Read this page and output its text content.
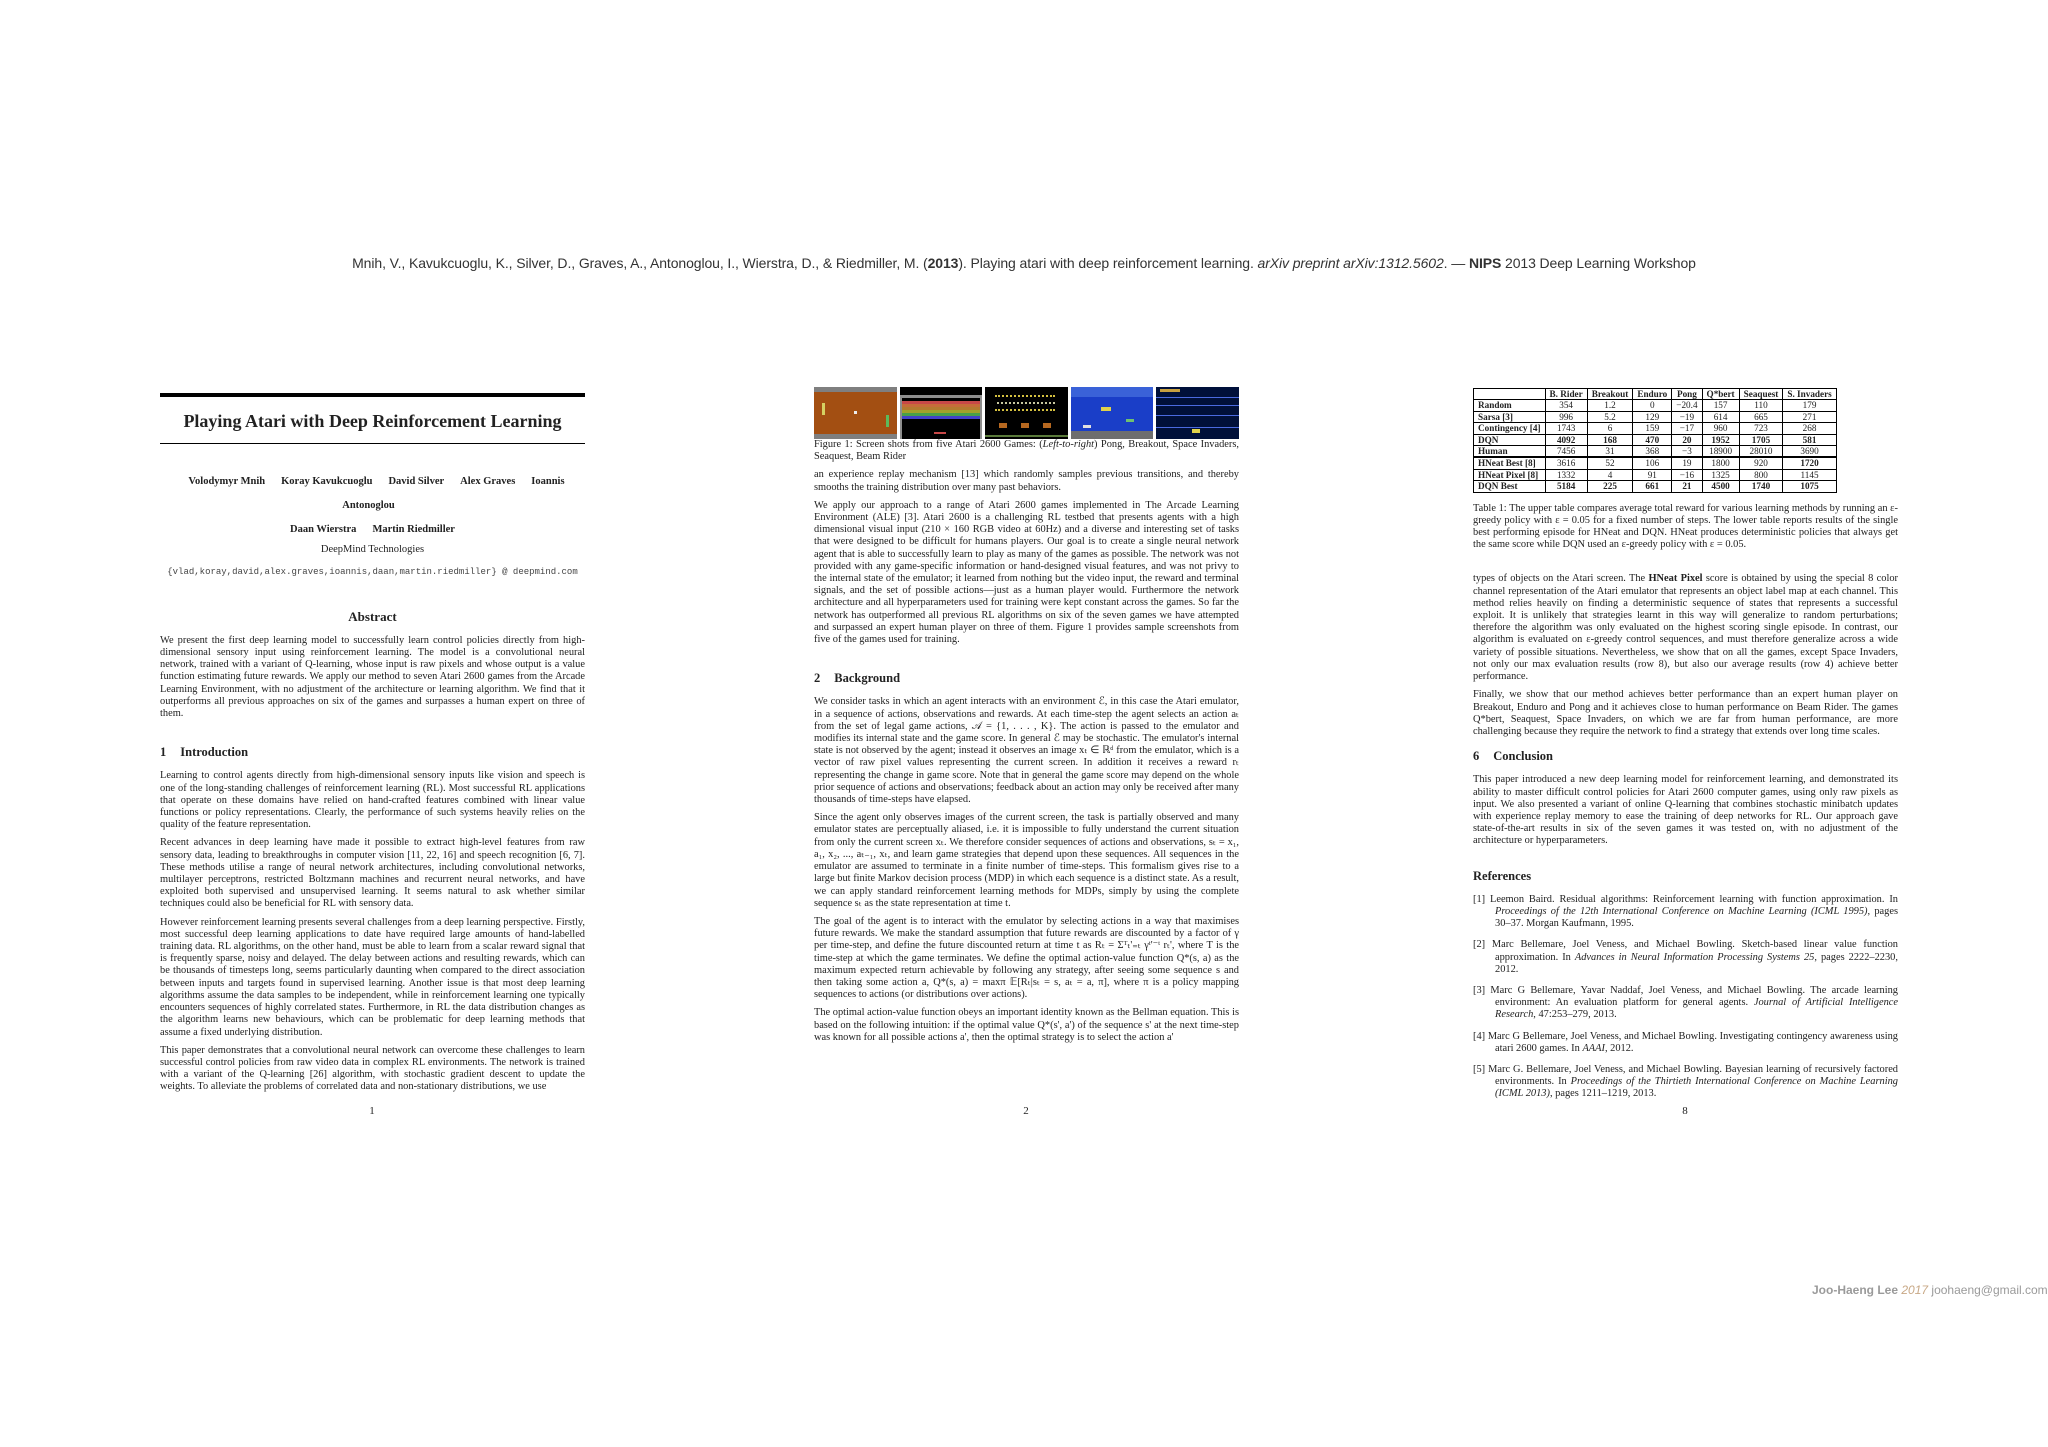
Mnih, V., Kavukcuoglu, K., Silver, D., Graves, A., Antonoglou, I., Wierstra, D., & Riedmiller, M. (2013). Playing atari with deep reinforcement learning. arXiv preprint arXiv:1312.5602. — NIPS 2013 Deep Learning Workshop
Playing Atari with Deep Reinforcement Learning
Volodymyr Mnih Koray Kavukcuoglu David Silver Alex Graves Ioannis Antonoglou
Daan Wierstra Martin Riedmiller
DeepMind Technologies
{vlad,koray,david,alex.graves,ioannis,daan,martin.riedmiller} @ deepmind.com
Abstract

We present the first deep learning model to successfully learn control policies directly from high-dimensional sensory input using reinforcement learning. The model is a convolutional neural network, trained with a variant of Q-learning, whose input is raw pixels and whose output is a value function estimating future rewards. We apply our method to seven Atari 2600 games from the Arcade Learning Environment, with no adjustment of the architecture or learning algorithm. We find that it outperforms all previous approaches on six of the games and surpasses a human expert on three of them.

1 Introduction

Learning to control agents directly from high-dimensional sensory inputs like vision and speech is one of the long-standing challenges of reinforcement learning (RL). Most successful RL applications that operate on these domains have relied on hand-crafted features combined with linear value functions or policy representations. Clearly, the performance of such systems heavily relies on the quality of the feature representation.

Recent advances in deep learning have made it possible to extract high-level features from raw sensory data, leading to breakthroughs in computer vision [11, 22, 16] and speech recognition [6, 7]. These methods utilise a range of neural network architectures, including convolutional networks, multilayer perceptrons, restricted Boltzmann machines and recurrent neural networks, and have exploited both supervised and unsupervised learning. It seems natural to ask whether similar techniques could also be beneficial for RL with sensory data.

However reinforcement learning presents several challenges from a deep learning perspective. Firstly, most successful deep learning applications to date have required large amounts of hand-labelled training data. RL algorithms, on the other hand, must be able to learn from a scalar reward signal that is frequently sparse, noisy and delayed. The delay between actions and resulting rewards, which can be thousands of timesteps long, seems particularly daunting when compared to the direct association between inputs and targets found in supervised learning. Another issue is that most deep learning algorithms assume the data samples to be independent, while in reinforcement learning one typically encounters sequences of highly correlated states. Furthermore, in RL the data distribution changes as the algorithm learns new behaviours, which can be problematic for deep learning methods that assume a fixed underlying distribution.

This paper demonstrates that a convolutional neural network can overcome these challenges to learn successful control policies from raw video data in complex RL environments. The network is trained with a variant of the Q-learning [26] algorithm, with stochastic gradient descent to update the weights. To alleviate the problems of correlated data and non-stationary distributions, we use

1

Figure 1: Screen shots from five Atari 2600 Games: (Left-to-right) Pong, Breakout, Space Invaders, Seaquest, Beam Rider

an experience replay mechanism [13] which randomly samples previous transitions, and thereby smooths the training distribution over many past behaviors.

We apply our approach to a range of Atari 2600 games implemented in The Arcade Learning Environment (ALE) [3]. Atari 2600 is a challenging RL testbed that presents agents with a high dimensional visual input (210 × 160 RGB video at 60Hz) and a diverse and interesting set of tasks that were designed to be difficult for humans players. Our goal is to create a single neural network agent that is able to successfully learn to play as many of the games as possible. The network was not provided with any game-specific information or hand-designed visual features, and was not privy to the internal state of the emulator; it learned from nothing but the video input, the reward and terminal signals, and the set of possible actions—just as a human player would. Furthermore the network architecture and all hyperparameters used for training were kept constant across the games. So far the network has outperformed all previous RL algorithms on six of the seven games we have attempted and surpassed an expert human player on three of them. Figure 1 provides sample screenshots from five of the games used for training.

2 Background

We consider tasks in which an agent interacts with an environment ℰ, in this case the Atari emulator, in a sequence of actions, observations and rewards. At each time-step the agent selects an action aₜ from the set of legal game actions, 𝒜 = {1, . . . , K}. The action is passed to the emulator and modifies its internal state and the game score. In general ℰ may be stochastic. The emulator's internal state is not observed by the agent; instead it observes an image xₜ ∈ ℝᵈ from the emulator, which is a vector of raw pixel values representing the current screen. In addition it receives a reward rₜ representing the change in game score. Note that in general the game score may depend on the whole prior sequence of actions and observations; feedback about an action may only be received after many thousands of time-steps have elapsed.

Since the agent only observes images of the current screen, the task is partially observed and many emulator states are perceptually aliased, i.e. it is impossible to fully understand the current situation from only the current screen xₜ. We therefore consider sequences of actions and observations, sₜ = x₁, a₁, x₂, ..., aₜ₋₁, xₜ, and learn game strategies that depend upon these sequences. All sequences in the emulator are assumed to terminate in a finite number of time-steps. This formalism gives rise to a large but finite Markov decision process (MDP) in which each sequence is a distinct state. As a result, we can apply standard reinforcement learning methods for MDPs, simply by using the complete sequence sₜ as the state representation at time t.

The goal of the agent is to interact with the emulator by selecting actions in a way that maximises future rewards. We make the standard assumption that future rewards are discounted by a factor of γ per time-step, and define the future discounted return at time t as Rₜ = Σᵀₜ'₌ₜ γᵗ'⁻ᵗ rₜ', where T is the time-step at which the game terminates. We define the optimal action-value function Q*(s, a) as the maximum expected return achievable by following any strategy, after seeing some sequence s and then taking some action a, Q*(s, a) = maxπ 𝔼[Rₜ|sₜ = s, aₜ = a, π], where π is a policy mapping sequences to actions (or distributions over actions).

The optimal action-value function obeys an important identity known as the Bellman equation. This is based on the following intuition: if the optimal value Q*(s', a') of the sequence s' at the next time-step was known for all possible actions a', then the optimal strategy is to select the action a'

2
	B. Rider	Breakout	Enduro	Pong	Q*bert	Seaquest	S. Invaders
Random	354	1.2	0	−20.4	157	110	179
Sarsa [3]	996	5.2	129	−19	614	665	271
Contingency [4]	1743	6	159	−17	960	723	268
DQN	4092	168	470	20	1952	1705	581
Human	7456	31	368	−3	18900	28010	3690
HNeat Best [8]	3616	52	106	19	1800	920	1720
HNeat Pixel [8]	1332	4	91	−16	1325	800	1145
DQN Best	5184	225	661	21	4500	1740	1075

Table 1: The upper table compares average total reward for various learning methods by running an ε-greedy policy with ε = 0.05 for a fixed number of steps. The lower table reports results of the single best performing episode for HNeat and DQN. HNeat produces deterministic policies that always get the same score while DQN used an ε-greedy policy with ε = 0.05.

types of objects on the Atari screen. The HNeat Pixel score is obtained by using the special 8 color channel representation of the Atari emulator that represents an object label map at each channel. This method relies heavily on finding a deterministic sequence of states that represents a successful exploit. It is unlikely that strategies learnt in this way will generalize to random perturbations; therefore the algorithm was only evaluated on the highest scoring single episode. In contrast, our algorithm is evaluated on ε-greedy control sequences, and must therefore generalize across a wide variety of possible situations. Nevertheless, we show that on all the games, except Space Invaders, not only our max evaluation results (row 8), but also our average results (row 4) achieve better performance.

Finally, we show that our method achieves better performance than an expert human player on Breakout, Enduro and Pong and it achieves close to human performance on Beam Rider. The games Q*bert, Seaquest, Space Invaders, on which we are far from human performance, are more challenging because they require the network to find a strategy that extends over long time scales.

6 Conclusion

This paper introduced a new deep learning model for reinforcement learning, and demonstrated its ability to master difficult control policies for Atari 2600 computer games, using only raw pixels as input. We also presented a variant of online Q-learning that combines stochastic minibatch updates with experience replay memory to ease the training of deep networks for RL. Our approach gave state-of-the-art results in six of the seven games it was tested on, with no adjustment of the architecture or hyperparameters.

References

[1] Leemon Baird. Residual algorithms: Reinforcement learning with function approximation. In Proceedings of the 12th International Conference on Machine Learning (ICML 1995), pages 30–37. Morgan Kaufmann, 1995.

[2] Marc Bellemare, Joel Veness, and Michael Bowling. Sketch-based linear value function approximation. In Advances in Neural Information Processing Systems 25, pages 2222–2230, 2012.

[3] Marc G Bellemare, Yavar Naddaf, Joel Veness, and Michael Bowling. The arcade learning environment: An evaluation platform for general agents. Journal of Artificial Intelligence Research, 47:253–279, 2013.

[4] Marc G Bellemare, Joel Veness, and Michael Bowling. Investigating contingency awareness using atari 2600 games. In AAAI, 2012.

[5] Marc G. Bellemare, Joel Veness, and Michael Bowling. Bayesian learning of recursively factored environments. In Proceedings of the Thirtieth International Conference on Machine Learning (ICML 2013), pages 1211–1219, 2013.

8
Joo-Haeng Lee 2017 joohaeng@gmail.com
